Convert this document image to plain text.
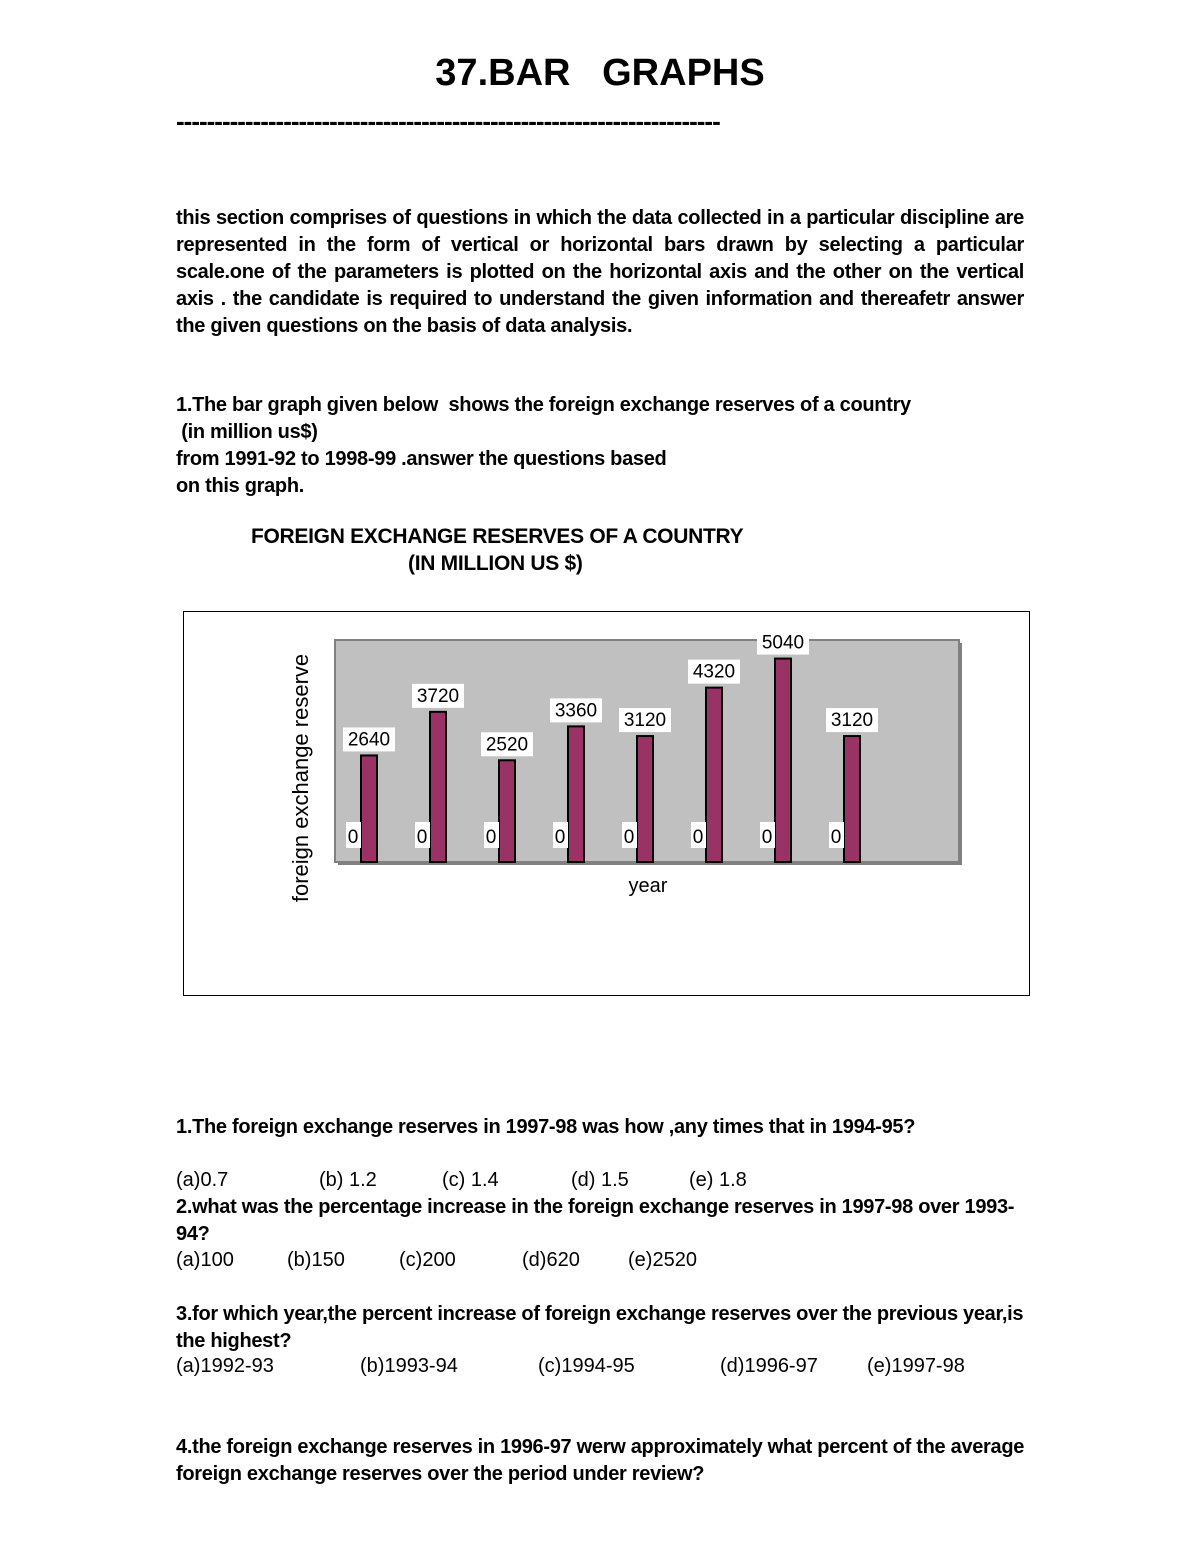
37.BAR   GRAPHS
-----------------------------------------------------------------------
this section comprises of questions in which the data collected in a particular discipline are represented in the form of vertical or horizontal bars drawn by selecting a particular scale.one of the parameters is plotted on the horizontal axis and the other on the vertical axis . the candidate is required to understand the given information and thereafetr answer the given questions on the basis of data analysis.
1.The bar graph given below  shows the foreign exchange reserves of a country
(in million us$)
from 1991-92 to 1998-99 .answer the questions based
on this graph.
FOREIGN EXCHANGE RESERVES OF A COUNTRY
(IN MILLION US $)
2640
0
3720
0
2520
0
3360
0
3120
0
4320
0
5040
0
3120
0
year
foreign exchange reserve
1.The foreign exchange reserves in 1997-98 was how ,any times that in 1994-95?
(a)0.7	(b) 1.2	(c) 1.4	(d) 1.5	(e) 1.8
2.what was the percentage increase in the foreign exchange reserves in 1997-98 over 1993-94?
(a)100	(b)150	(c)200	(d)620 (e)2520
3.for which year,the percent increase of foreign exchange reserves over the previous year,is the highest?
(a)1992-93	(b)1993-94	(c)1994-95	(d)1996-97 (e)1997-98
4.the foreign exchange reserves in 1996-97 werw approximately what percent of the average foreign exchange reserves over the period under review?
